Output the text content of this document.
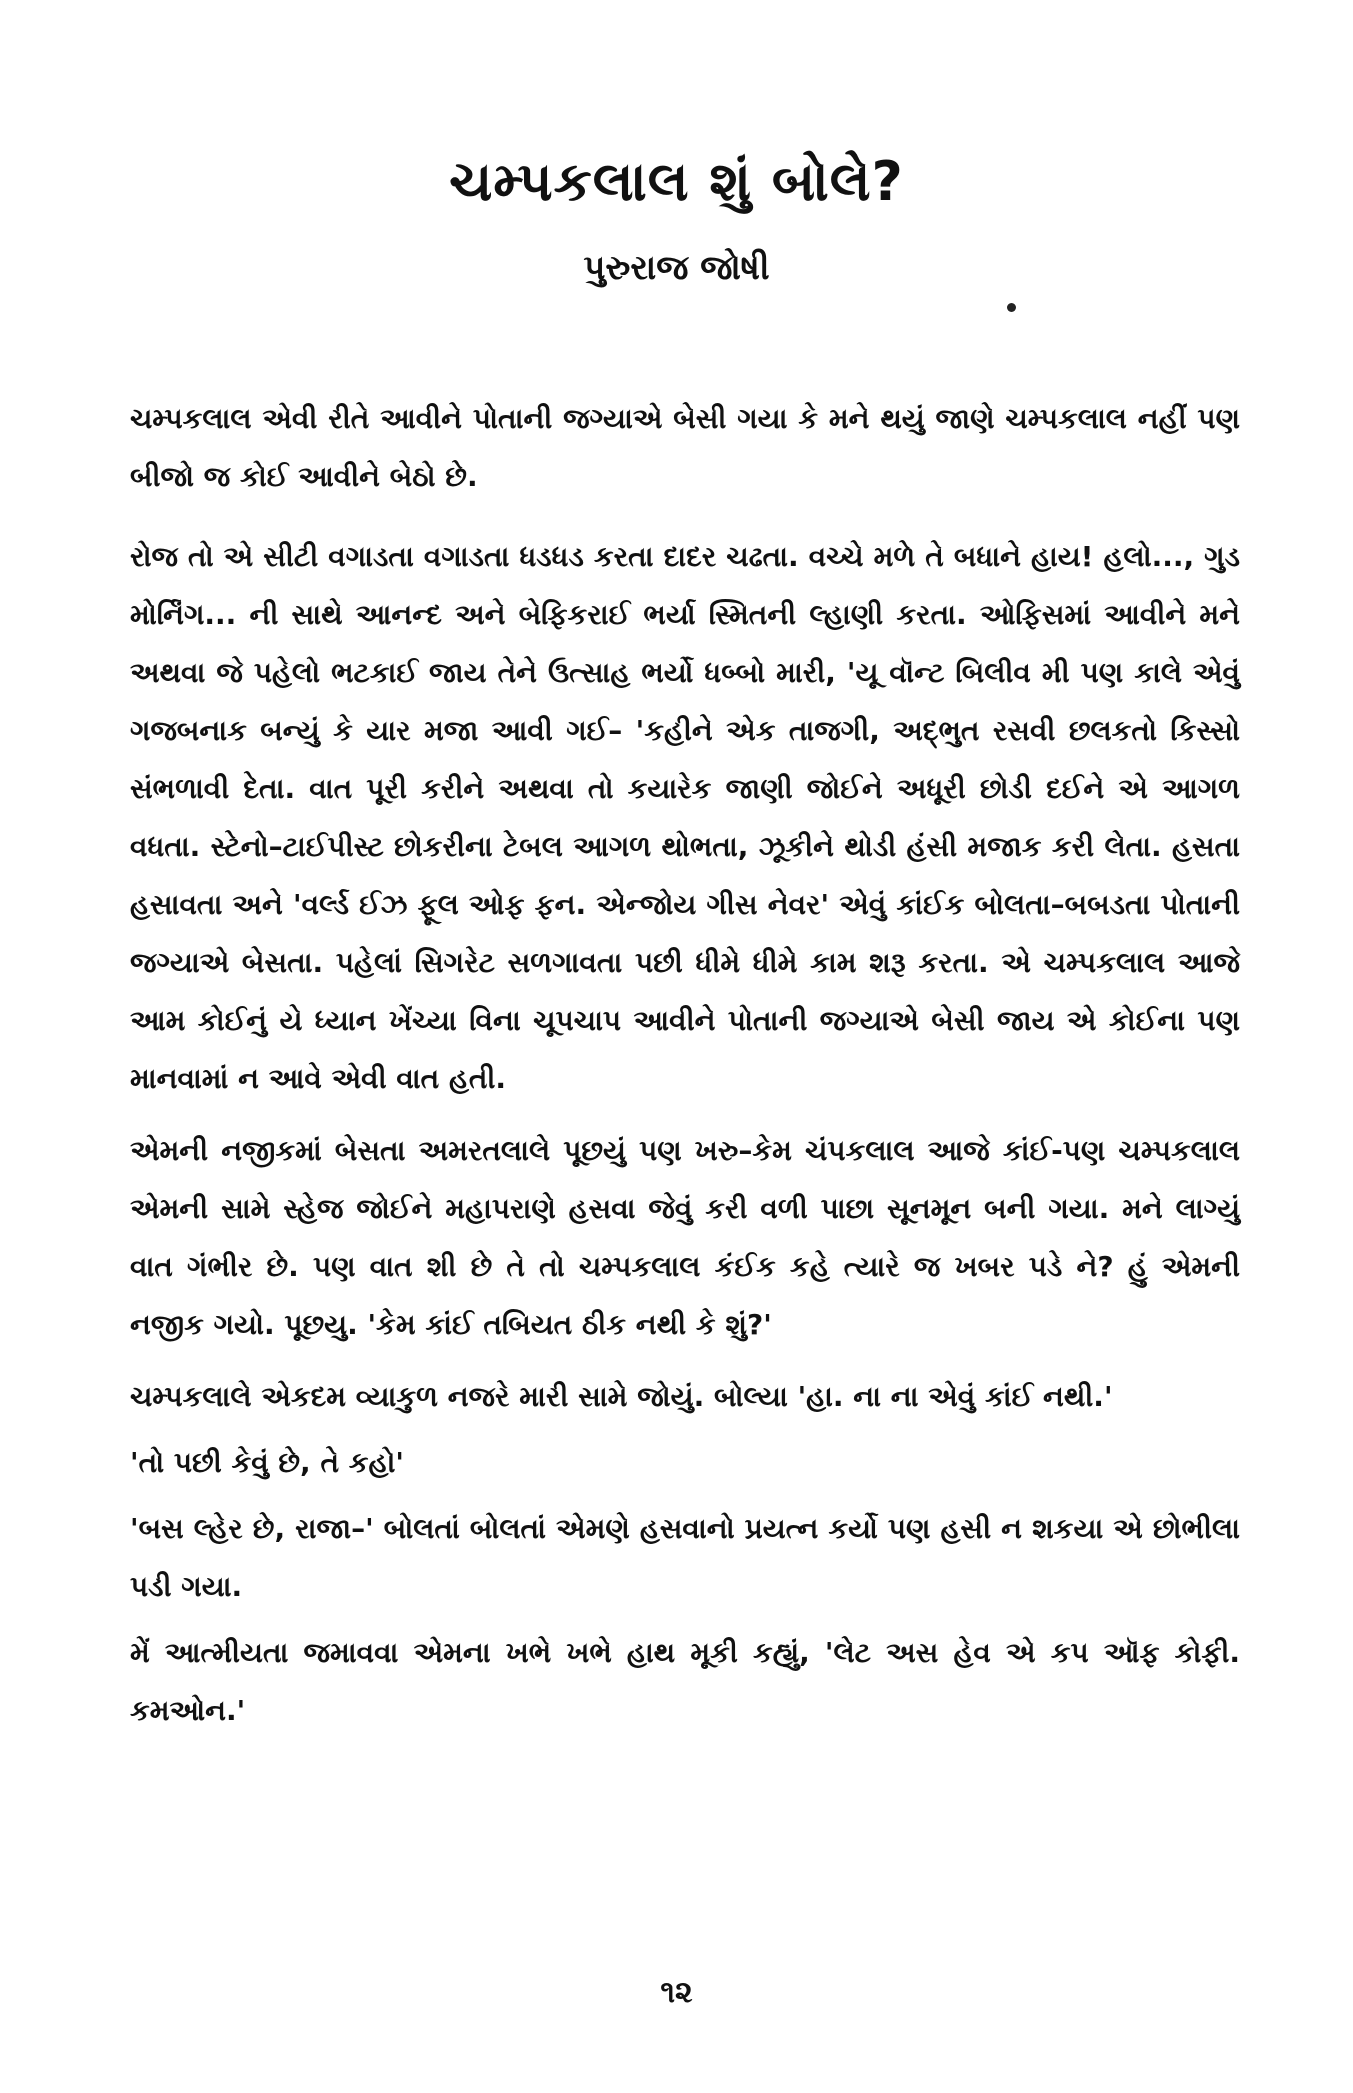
ચમ્પકલાલ શું બોલે?
પુરુરાજ જોષી

ચમ્પકલાલ એવી રીતે આવીને પોતાની જગ્યાએ બેસી ગયા કે મને થયું જાણે ચમ્પકલાલ નહીં પણ બીજો જ કોઈ આવીને બેઠો છે.

રોજ તો એ સીટી વગાડતા વગાડતા ધડધડ કરતા દાદર ચઢતા. વચ્ચે મળે તે બધાને હાય! હલો..., ગુડ મોર્નિંગ... ની સાથે આનન્દ અને બેફિકરાઈ ભર્યા સ્મિતની લ્હાણી કરતા. ઓફિસમાં આવીને મને અથવા જે પહેલો ભટકાઈ જાય તેને ઉત્સાહ ભર્યો ધબ્બો મારી, 'યૂ વૉન્ટ બિલીવ મી પણ કાલે એવું ગજબનાક બન્યું કે યાર મજા આવી ગઈ– 'કહીને એક તાજગી, અદ્ભુત રસવી છલકતો કિસ્સો સંભળાવી દેતા. વાત પૂરી કરીને અથવા તો કયારેક જાણી જોઈને અધૂરી છોડી દઈને એ આગળ વધતા. સ્ટેનો–ટાઈપીસ્ટ છોકરીના ટેબલ આગળ થોભતા, ઝૂકીને થોડી હંસી મજાક કરી લેતા. હસતા હસાવતા અને 'વર્લ્ડ ઈઝ ફૂલ ઓફ ફન. એન્જોય ગીસ નેવર' એવું કાંઈક બોલતા–બબડતા પોતાની જગ્યાએ બેસતા. પહેલાં સિગરેટ સળગાવતા પછી ધીમે ધીમે કામ શરૂ કરતા. એ ચમ્પકલાલ આજે આમ કોઈનું યે ધ્યાન ખેંચ્યા વિના ચૂપચાપ આવીને પોતાની જગ્યાએ બેસી જાય એ કોઈના પણ માનવામાં ન આવે એવી વાત હતી.

એમની નજીકમાં બેસતા અમરતલાલે પૂછયું પણ ખરુ–કેમ ચંપકલાલ આજે કાંઈ-પણ ચમ્પકલાલ એમની સામે સ્હેજ જોઈને મહાપરાણે હસવા જેવું કરી વળી પાછા સૂનમૂન બની ગયા. મને લાગ્યું વાત ગંભીર છે. પણ વાત શી છે તે તો ચમ્પકલાલ કંઈક કહે ત્યારે જ ખબર પડે ને? હું એમની નજીક ગયો. પૂછયુ. 'કેમ કાંઈ તબિયત ઠીક નથી કે શું?'

ચમ્પકલાલે એકદમ વ્યાકુળ નજરે મારી સામે જોયું. બોલ્યા 'હા. ના ના એવું કાંઈ નથી.'

'તો પછી કેવું છે, તે કહો'

'બસ લ્હેર છે, રાજા–' બોલતાં બોલતાં એમણે હસવાનો પ્રયત્ન કર્યો પણ હસી ન શકયા એ છોભીલા પડી ગયા.

મેં આત્મીયતા જમાવવા એમના ખભે ખભે હાથ મૂકી કહ્યું, 'લેટ અસ હેવ એ કપ ઑફ કોફી. કમઓન.'

૧૨
